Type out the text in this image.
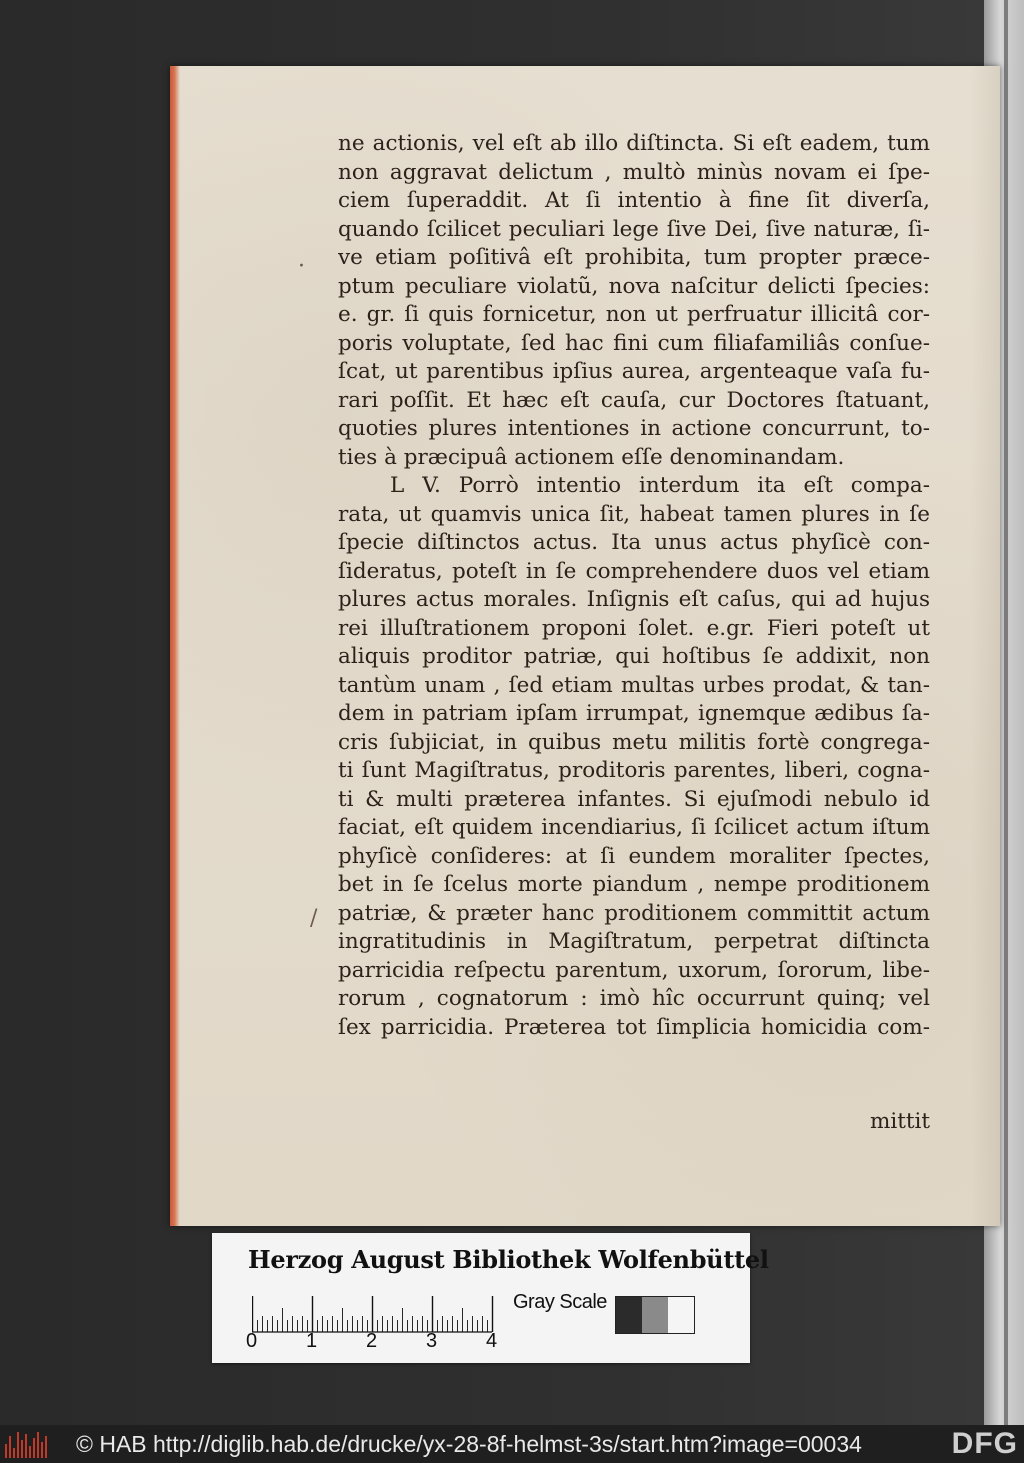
·
/
ne actionis, vel eſt ab illo diſtincta. Si eſt eadem, tum
non aggravat delictum , multò minùs novam ei ſpe-
ciem ſuperaddit. At ſi intentio à fine ſit diverſa,
quando ſcilicet peculiari lege ſive Dei, ſive naturæ, ſi-
ve etiam poſitivâ eſt prohibita, tum propter præce-
ptum peculiare violatũ, nova naſcitur delicti ſpecies:
e. gr. ſi quis fornicetur, non ut perfruatur illicitâ cor-
poris voluptate, ſed hac fini cum filiafamiliâs conſue-
ſcat, ut parentibus ipſius aurea, argenteaque vaſa fu-
rari poſſit. Et hæc eſt cauſa, cur Doctores ſtatuant,
quoties plures intentiones in actione concurrunt, to-
ties à præcipuâ actionem eſſe denominandam.
L V. Porrò intentio interdum ita eſt compa-
rata, ut quamvis unica ſit, habeat tamen plures in ſe
ſpecie diſtinctos actus. Ita unus actus phyſicè con-
ſideratus, poteſt in ſe comprehendere duos vel etiam
plures actus morales. Inſignis eſt caſus, qui ad hujus
rei illuſtrationem proponi ſolet. e.gr. Fieri poteſt ut
aliquis proditor patriæ, qui hoſtibus ſe addixit, non
tantùm unam , ſed etiam multas urbes prodat, & tan-
dem in patriam ipſam irrumpat, ignemque ædibus ſa-
cris ſubjiciat, in quibus metu militis fortè congrega-
ti ſunt Magiſtratus, proditoris parentes, liberi, cogna-
ti & multi præterea infantes. Si ejuſmodi nebulo id
faciat, eſt quidem incendiarius, ſi ſcilicet actum iſtum
phyſicè conſideres: at ſi eundem moraliter ſpectes,
bet in ſe ſcelus morte piandum , nempe proditionem
patriæ, & præter hanc proditionem committit actum
ingratitudinis in Magiſtratum, perpetrat diſtincta
parricidia reſpectu parentum, uxorum, ſororum, libe-
rorum , cognatorum : imò hîc occurrunt quinq; vel
ſex parricidia. Præterea tot ſimplicia homicidia com-
mittit
Herzog August Bibliothek Wolfenbüttel
0 1 2 3 4
Gray Scale
© HAB http://diglib.hab.de/drucke/yx-28-8f-helmst-3s/start.htm?image=00034	DFG
